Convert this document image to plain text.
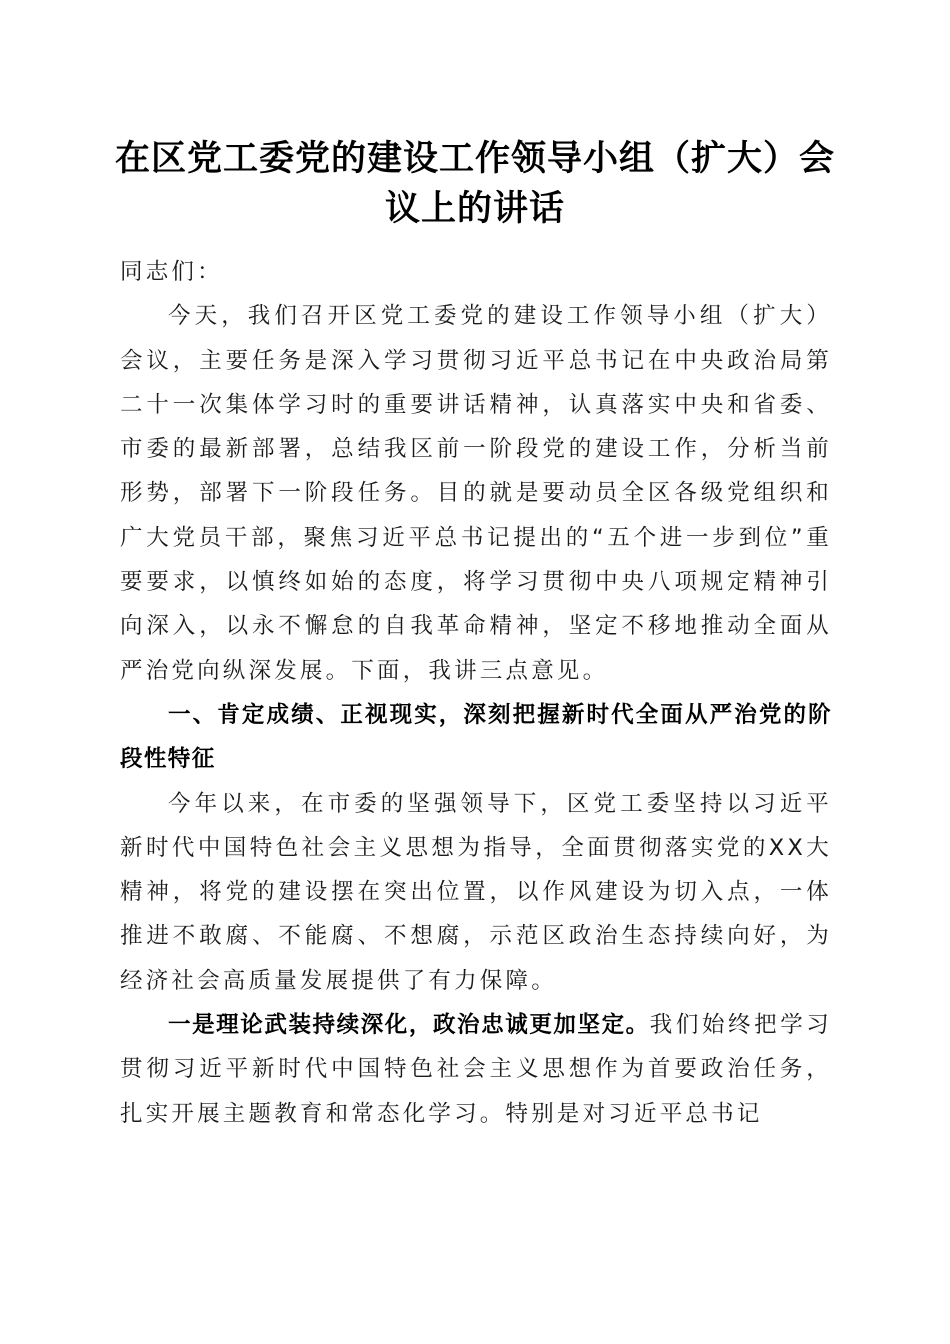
在区党工委党的建设工作领导小组（扩大）会
议上的讲话

同志们：

今天，我们召开区党工委党的建设工作领导小组（扩大）会议，主要任务是深入学习贯彻习近平总书记在中央政治局第二十一次集体学习时的重要讲话精神，认真落实中央和省委、市委的最新部署，总结我区前一阶段党的建设工作，分析当前形势，部署下一阶段任务。目的就是要动员全区各级党组织和广大党员干部，聚焦习近平总书记提出的“五个进一步到位”重要要求，以慎终如始的态度，将学习贯彻中央八项规定精神引向深入，以永不懈怠的自我革命精神，坚定不移地推动全面从严治党向纵深发展。下面，我讲三点意见。

一、肯定成绩、正视现实，深刻把握新时代全面从严治党的阶段性特征

今年以来，在市委的坚强领导下，区党工委坚持以习近平新时代中国特色社会主义思想为指导，全面贯彻落实党的XX大精神，将党的建设摆在突出位置，以作风建设为切入点，一体推进不敢腐、不能腐、不想腐，示范区政治生态持续向好，为经济社会高质量发展提供了有力保障。

一是理论武装持续深化，政治忠诚更加坚定。我们始终把学习贯彻习近平新时代中国特色社会主义思想作为首要政治任务，扎实开展主题教育和常态化学习。特别是对习近平总书记
